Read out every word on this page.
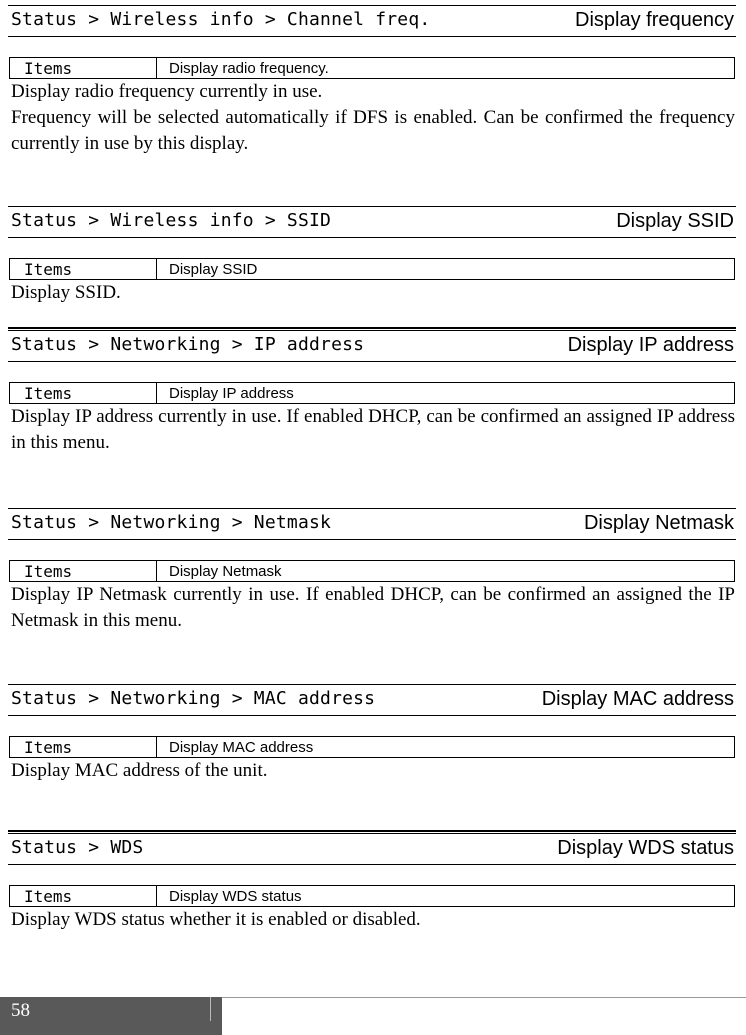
Status > Wireless info > Channel freq.	Display frequency
Items	Display radio frequency.

Display radio frequency currently in use.

Frequency will be selected automatically if DFS is enabled. Can be confirmed the frequency currently in use by this display.

Status > Wireless info > SSID	Display SSID
Items	Display SSID

Display SSID.

Status > Networking > IP address	Display IP address
Items	Display IP address

Display IP address currently in use. If enabled DHCP, can be confirmed an assigned IP address in this menu.

Status > Networking > Netmask	Display Netmask
Items	Display Netmask

Display IP Netmask currently in use. If enabled DHCP, can be confirmed an assigned the IP Netmask in this menu.

Status > Networking > MAC address	Display MAC address
Items	Display MAC address

Display MAC address of the unit.

Status > WDS	Display WDS status
Items	Display WDS status

Display WDS status whether it is enabled or disabled.

58
